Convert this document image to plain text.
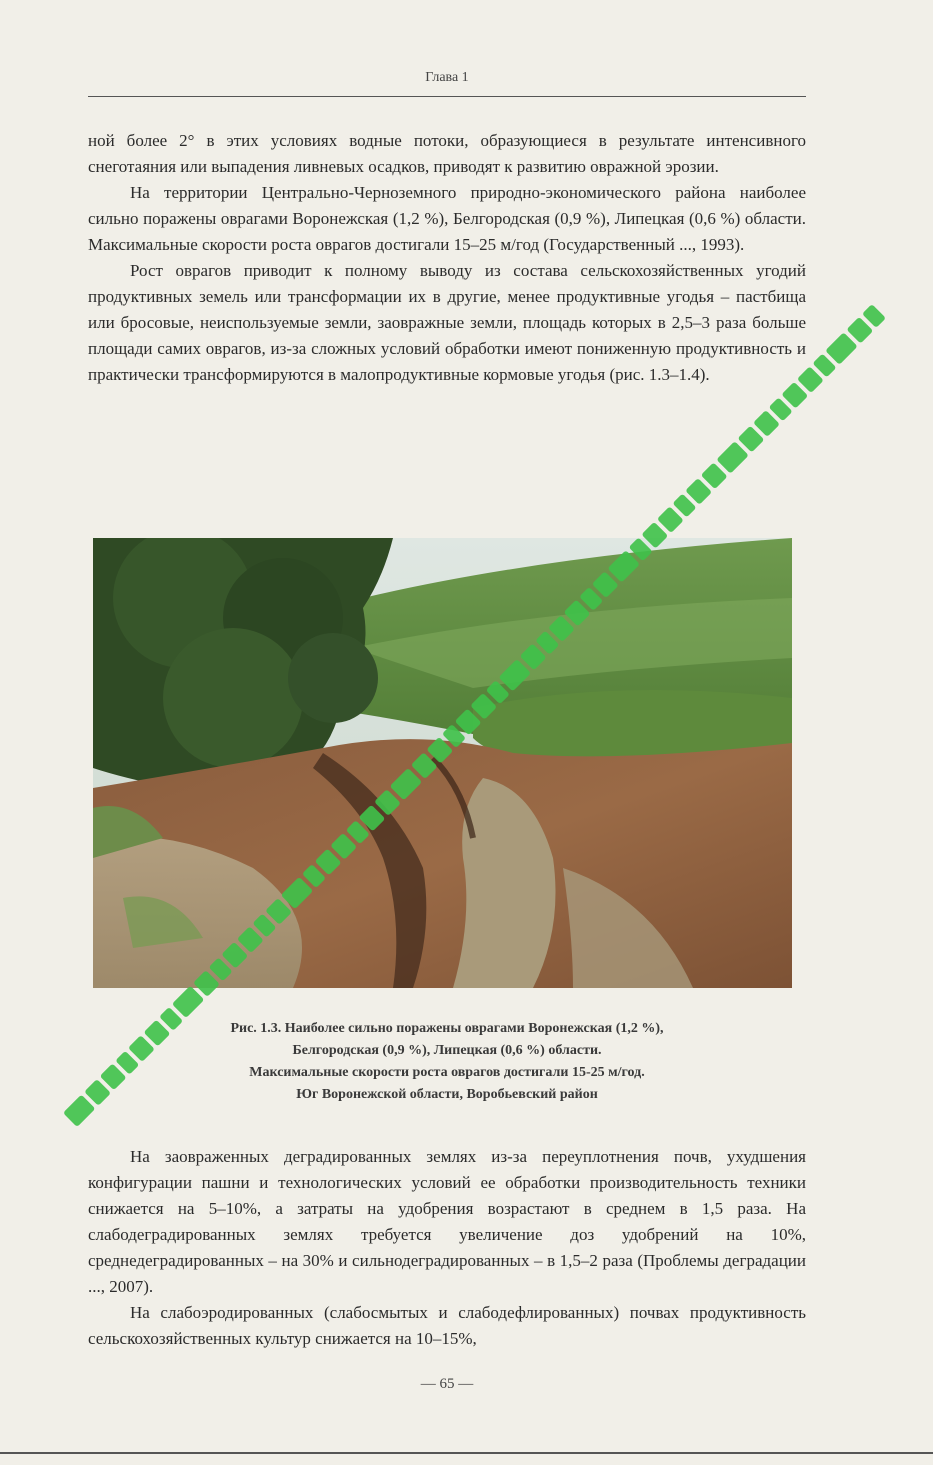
Глава 1

ной более 2° в этих условиях водные потоки, образующиеся в результате интенсивного снеготаяния или выпадения ливневых осадков, приводят к развитию овражной эрозии.

На территории Центрально-Черноземного природно-экономического района наиболее сильно поражены оврагами Воронежская (1,2 %), Белгородская (0,9 %), Липецкая (0,6 %) области. Максимальные скорости роста оврагов достигали 15–25 м/год (Государственный ..., 1993).

Рост оврагов приводит к полному выводу из состава сельскохозяйственных угодий продуктивных земель или трансформации их в другие, менее продуктивные угодья – пастбища или бросовые, неиспользуемые земли, заовражные земли, площадь которых в 2,5–3 раза больше площади самих оврагов, из-за сложных условий обработки имеют пониженную продуктивность и практически трансформируются в малопродуктивные кормовые угодья (рис. 1.3–1.4).

Рис. 1.3. Наиболее сильно поражены оврагами Воронежская (1,2 %),
Белгородская (0,9 %), Липецкая (0,6 %) области.
Максимальные скорости роста оврагов достигали 15-25 м/год.
Юг Воронежской области, Воробьевский район

На заовраженных деградированных землях из-за переуплотнения почв, ухудшения конфигурации пашни и технологических условий ее обработки производительность техники снижается на 5–10%, а затраты на удобрения возрастают в среднем в 1,5 раза. На слабодеградированных землях требуется увеличение доз удобрений на 10%, среднедеградированных – на 30% и сильнодеградированных – в 1,5–2 раза (Проблемы деградации ..., 2007).

На слабоэродированных (слабосмытых и слабодефлированных) почвах продуктивность сельскохозяйственных культур снижается на 10–15%,

— 65 —
